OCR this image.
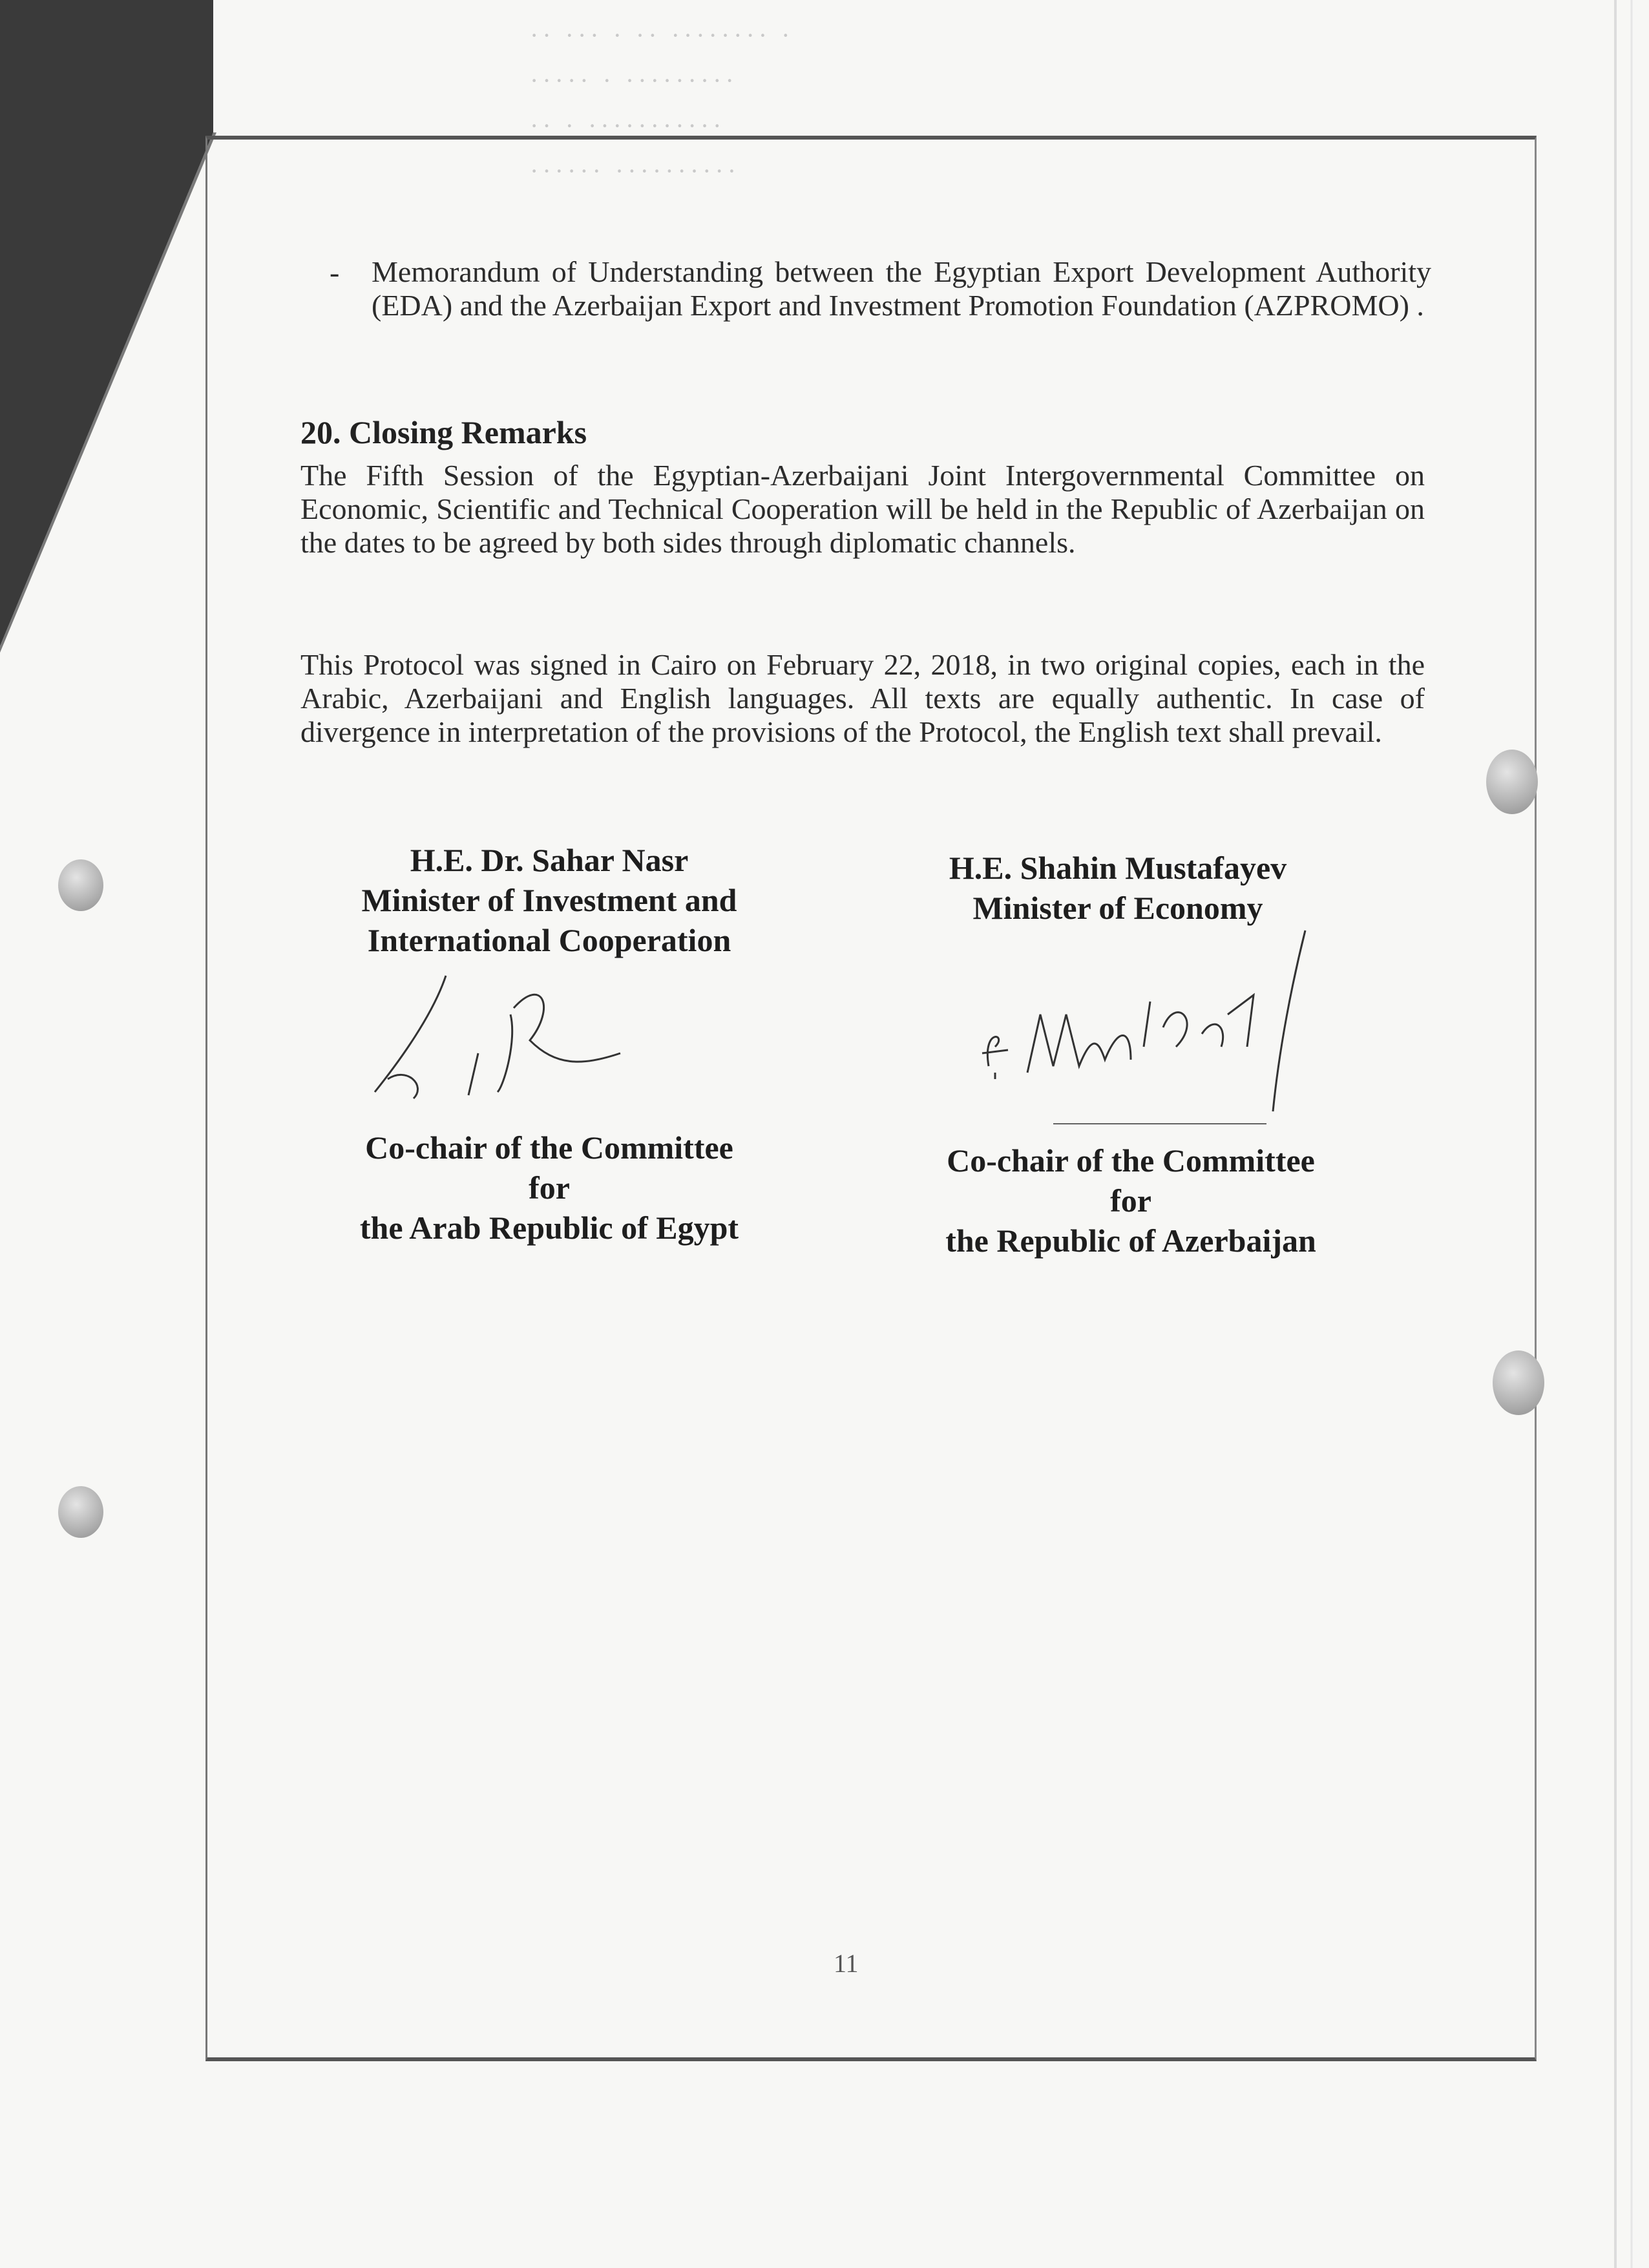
·· ··· · ·· ········ ·
····· · ·········
·· · ···········
······ ··········
- Memorandum of Understanding between the Egyptian Export Development Authority (EDA) and the Azerbaijan Export and Investment Promotion Foundation (AZPROMO) .
20. Closing Remarks
The Fifth Session of the Egyptian-Azerbaijani Joint Intergovernmental Committee on Economic, Scientific and Technical Cooperation will be held in the Republic of Azerbaijan on the dates to be agreed by both sides through diplomatic channels.
This Protocol was signed in Cairo on February 22, 2018, in two original copies, each in the Arabic, Azerbaijani and English languages. All texts are equally authentic. In case of divergence in interpretation of the provisions of the Protocol, the English text shall prevail.
H.E. Dr. Sahar Nasr
Minister of Investment and
International Cooperation
Co-chair of the Committee
for
the Arab Republic of Egypt
H.E. Shahin Mustafayev
Minister of Economy
Co-chair of the Committee
for
the Republic of Azerbaijan
11
